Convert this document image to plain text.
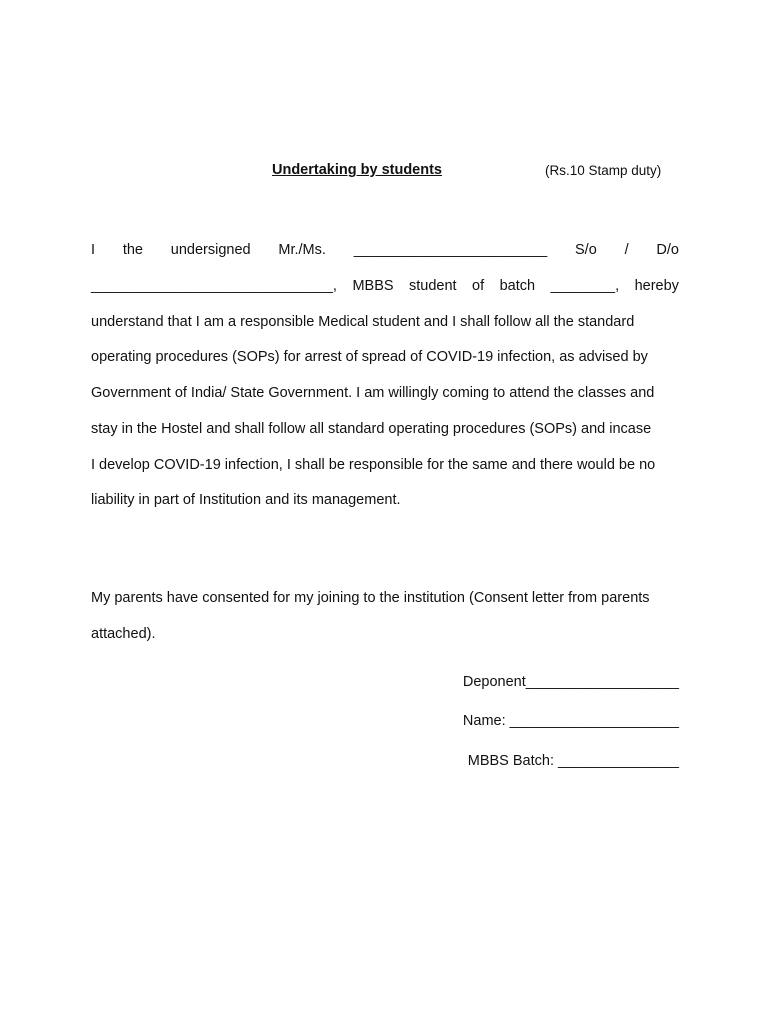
Undertaking by students	(Rs.10 Stamp duty)
I the undersigned Mr./Ms. ________________________ S/o / D/o
______________________________, MBBS student of batch ________, hereby
understand that I am a responsible Medical student and I shall follow all the standard
operating procedures (SOPs) for arrest of spread of COVID-19 infection, as advised by
Government of India/ State Government. I am willingly coming to attend the classes and
stay in the Hostel and shall follow all standard operating procedures (SOPs) and incase
I develop COVID-19 infection, I shall be responsible for the same and there would be no
liability in part of Institution and its management.
My parents have consented for my joining to the institution (Consent letter from parents
attached).
Deponent___________________
Name: _____________________
MBBS Batch: _______________
